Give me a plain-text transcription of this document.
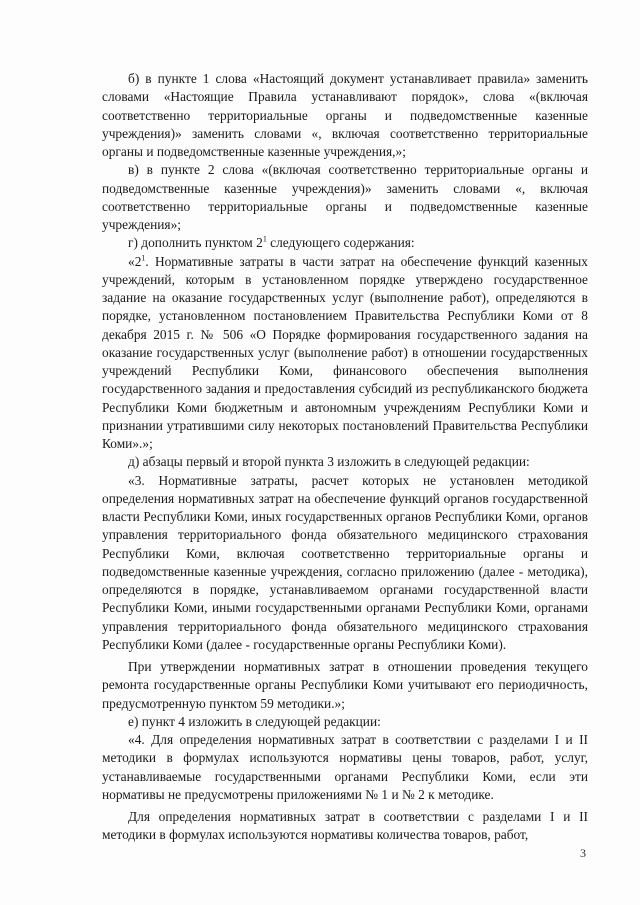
б) в пункте 1 слова «Настоящий документ устанавливает правила» заменить словами «Настоящие Правила устанавливают порядок», слова «(включая соответственно территориальные органы и подведомственные казенные учреждения)» заменить словами «, включая соответственно территориальные органы и подведомственные казенные учреждения,»;

в) в пункте 2 слова «(включая соответственно территориальные органы и подведомственные казенные учреждения)» заменить словами «, включая соответственно территориальные органы и подведомственные казенные учреждения»;

г) дополнить пунктом $2^1$ следующего содержания:

«$2^1$. Нормативные затраты в части затрат на обеспечение функций казенных учреждений, которым в установленном порядке утверждено государственное задание на оказание государственных услуг (выполнение работ), определяются в порядке, установленном постановлением Правительства Республики Коми от 8 декабря 2015 г. № 506 «О Порядке формирования государственного задания на оказание государственных услуг (выполнение работ) в отношении государственных учреждений Республики Коми, финансового обеспечения выполнения государственного задания и предоставления субсидий из республиканского бюджета Республики Коми бюджетным и автономным учреждениям Республики Коми и признании утратившими силу некоторых постановлений Правительства Республики Коми».»;

д) абзацы первый и второй пункта 3 изложить в следующей редакции:

«3. Нормативные затраты, расчет которых не установлен методикой определения нормативных затрат на обеспечение функций органов государственной власти Республики Коми, иных государственных органов Республики Коми, органов управления территориального фонда обязательного медицинского страхования Республики Коми, включая соответственно территориальные органы и подведомственные казенные учреждения, согласно приложению (далее - методика), определяются в порядке, устанавливаемом органами государственной власти Республики Коми, иными государственными органами Республики Коми, органами управления территориального фонда обязательного медицинского страхования Республики Коми (далее - государственные органы Республики Коми).

При утверждении нормативных затрат в отношении проведения текущего ремонта государственные органы Республики Коми учитывают его периодичность, предусмотренную пунктом 59 методики.»;

е) пункт 4 изложить в следующей редакции:

«4. Для определения нормативных затрат в соответствии с разделами I и II методики в формулах используются нормативы цены товаров, работ, услуг, устанавливаемые государственными органами Республики Коми, если эти нормативы не предусмотрены приложениями № 1 и № 2 к методике.

Для определения нормативных затрат в соответствии с разделами I и II методики в формулах используются нормативы количества товаров, работ,

3
